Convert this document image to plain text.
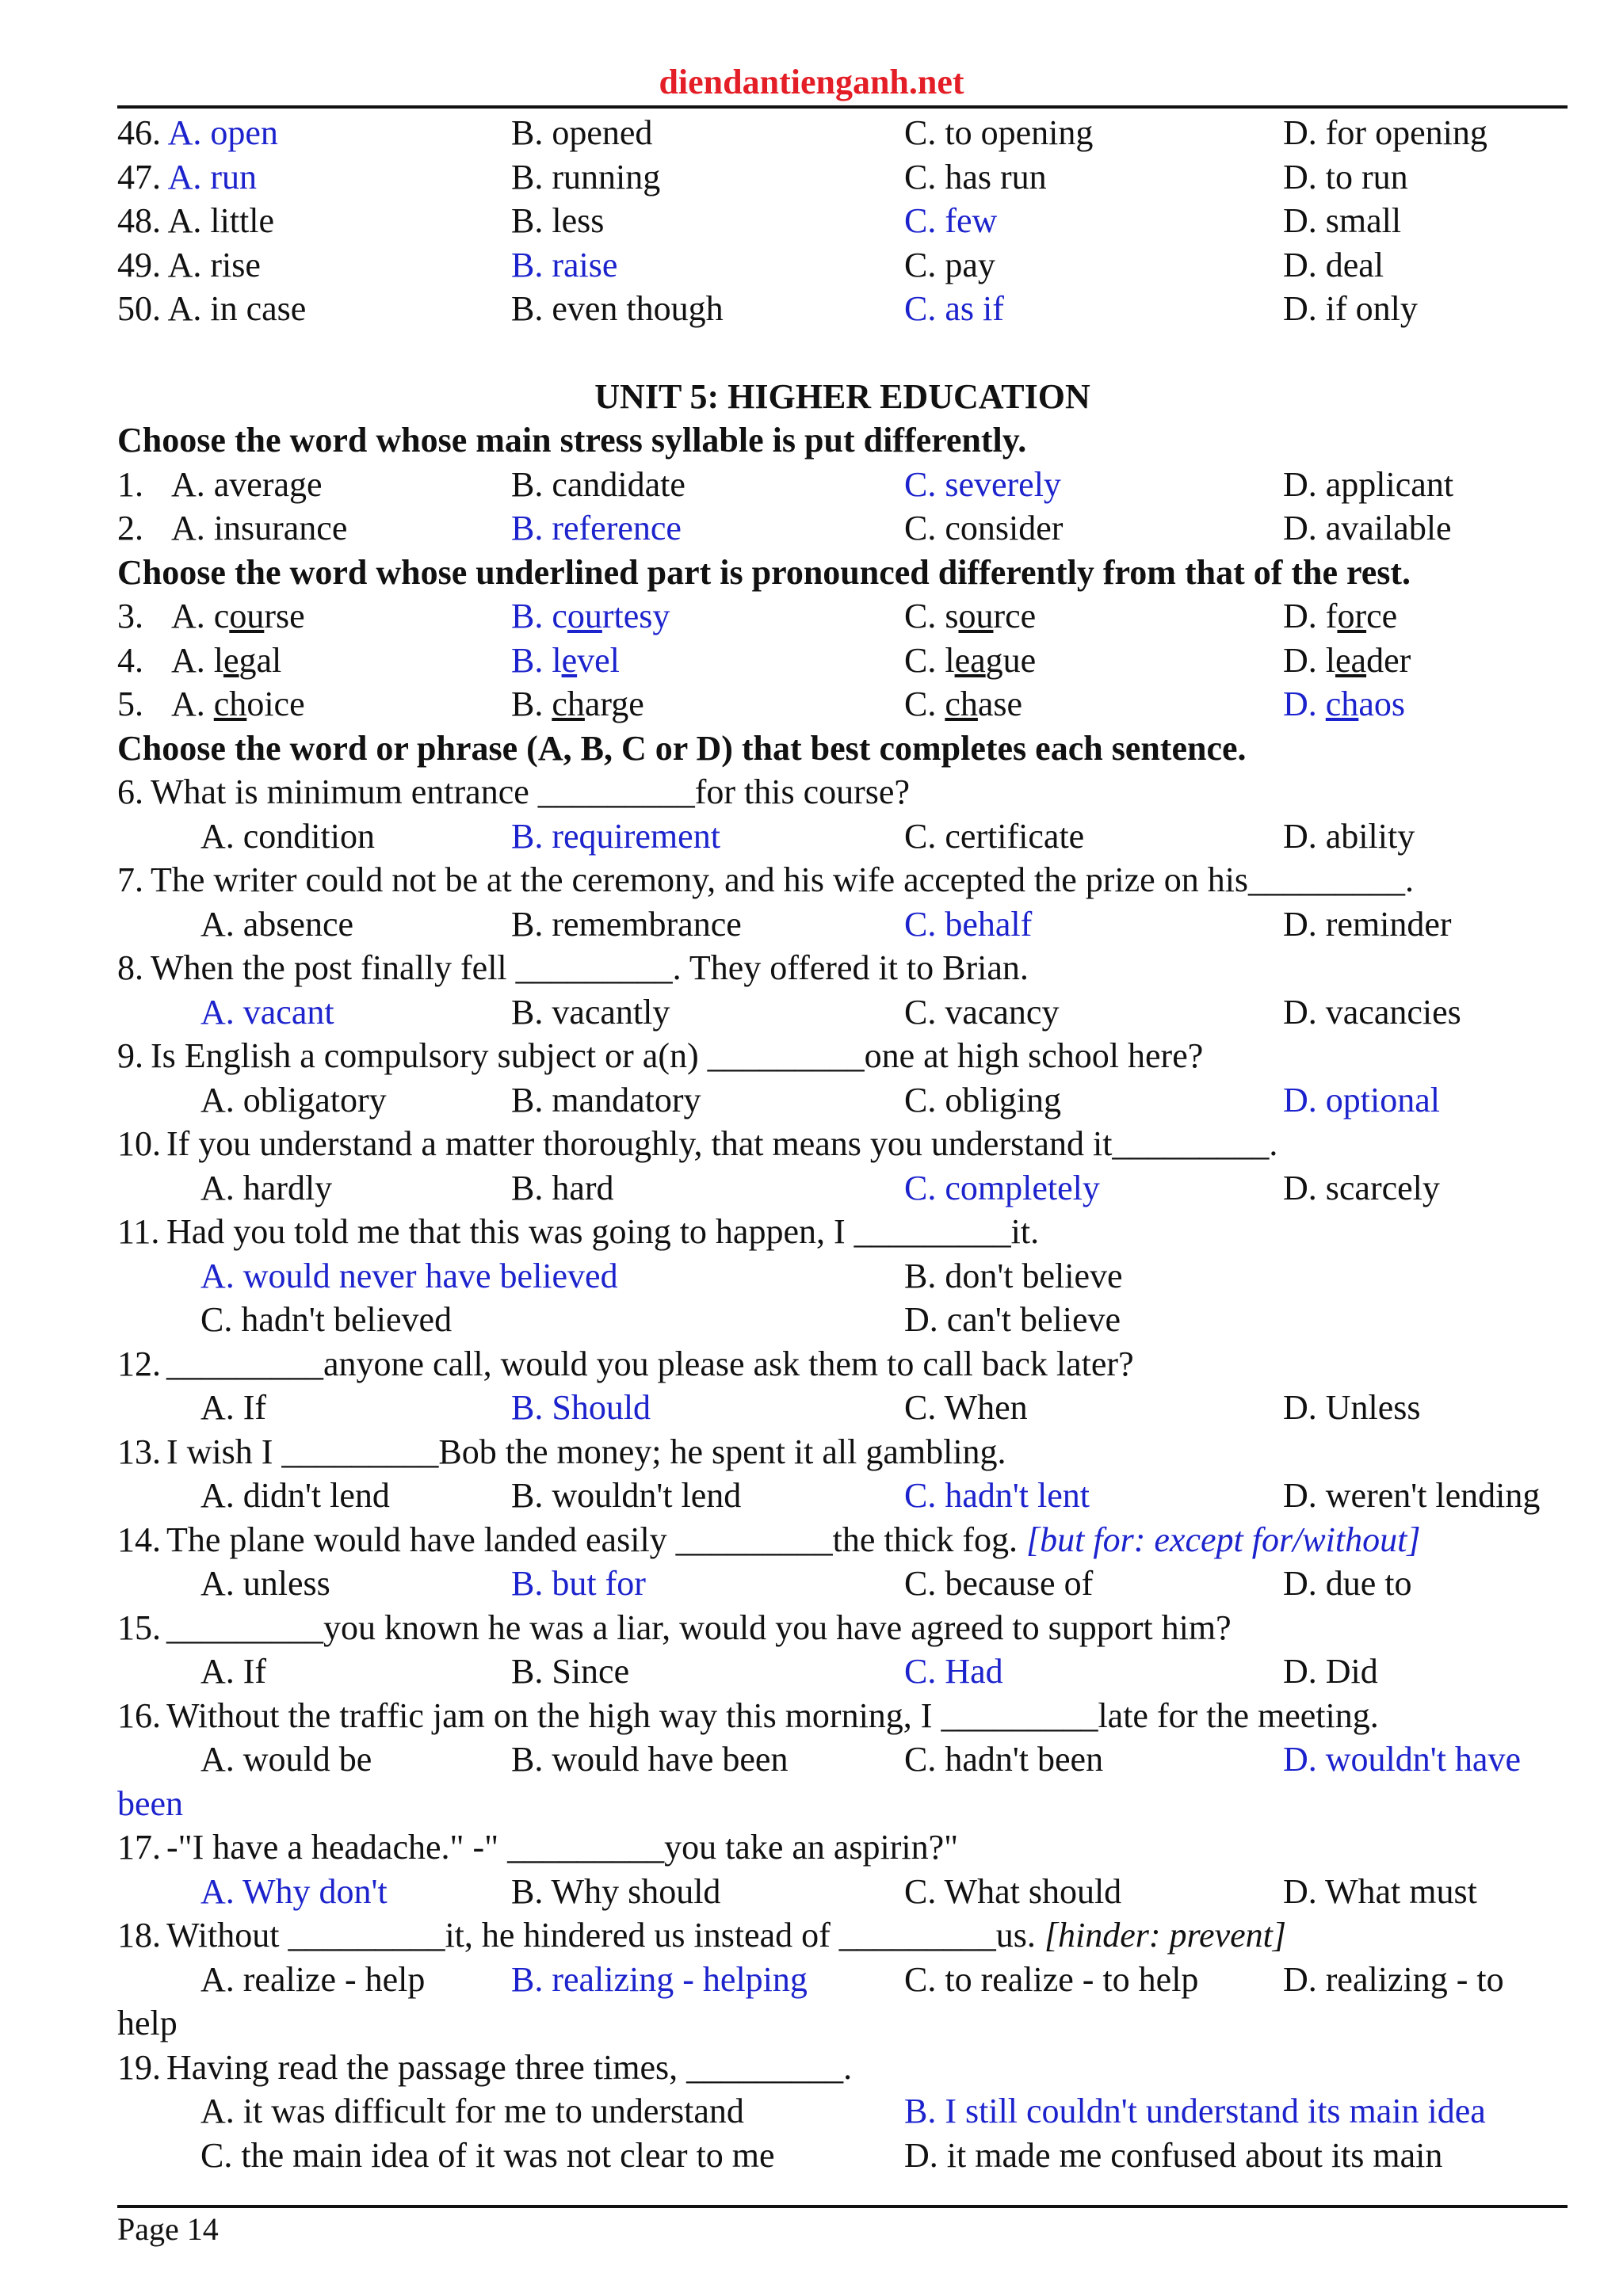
diendantienganh.net
46. A. open	B. opened	C. to opening	D. for opening
47. A. run	B. running	C. has run	D. to run
48. A. little	B. less	C. few	D. small
49. A. rise	B. raise	C. pay	D. deal
50. A. in case	B. even though	C. as if	D. if only
UNIT 5: HIGHER EDUCATION
Choose the word whose main stress syllable is put differently.
1. A. average	B. candidate	C. severely	D. applicant
2. A. insurance	B. reference	C. consider	D. available
Choose the word whose underlined part is pronounced differently from that of the rest.
3. A. course	B. courtesy	C. source	D. force
4. A. legal	B. level	C. league	D. leader
5. A. choice	B. charge	C. chase	D. chaos
Choose the word or phrase (A, B, C or D) that best completes each sentence.
6. What is minimum entrance _________for this course?
A. condition	B. requirement	C. certificate	D. ability
7. The writer could not be at the ceremony, and his wife accepted the prize on his_________.
A. absence	B. remembrance	C. behalf	D. reminder
8. When the post finally fell _________. They offered it to Brian.
A. vacant	B. vacantly	C. vacancy	D. vacancies
9. Is English a compulsory subject or a(n) _________one at high school here?
A. obligatory	B. mandatory	C. obliging	D. optional
10. If you understand a matter thoroughly, that means you understand it_________.
A. hardly	B. hard	C. completely	D. scarcely
11. Had you told me that this was going to happen, I _________it.
A. would never have believed	B. don't believe
C. hadn't believed	D. can't believe
12. _________anyone call, would you please ask them to call back later?
A. If	B. Should	C. When	D. Unless
13. I wish I _________Bob the money; he spent it all gambling.
A. didn't lend	B. wouldn't lend	C. hadn't lent	D. weren't lending
14. The plane would have landed easily _________the thick fog. [but for: except for/without]
A. unless	B. but for	C. because of	D. due to
15. _________you known he was a liar, would you have agreed to support him?
A. If	B. Since	C. Had	D. Did
16. Without the traffic jam on the high way this morning, I _________late for the meeting.
A. would be	B. would have been	C. hadn't been	D. wouldn't have
been
17. -"I have a headache." -" _________you take an aspirin?"
A. Why don't	B. Why should	C. What should	D. What must
18. Without _________it, he hindered us instead of _________us. [hinder: prevent]
A. realize - help B. realizing - helping	C. to realize - to help D. realizing - to
help
19. Having read the passage three times, _________.
A. it was difficult for me to understand	B. I still couldn't understand its main idea
C. the main idea of it was not clear to me	D. it made me confused about its main
Page 14
